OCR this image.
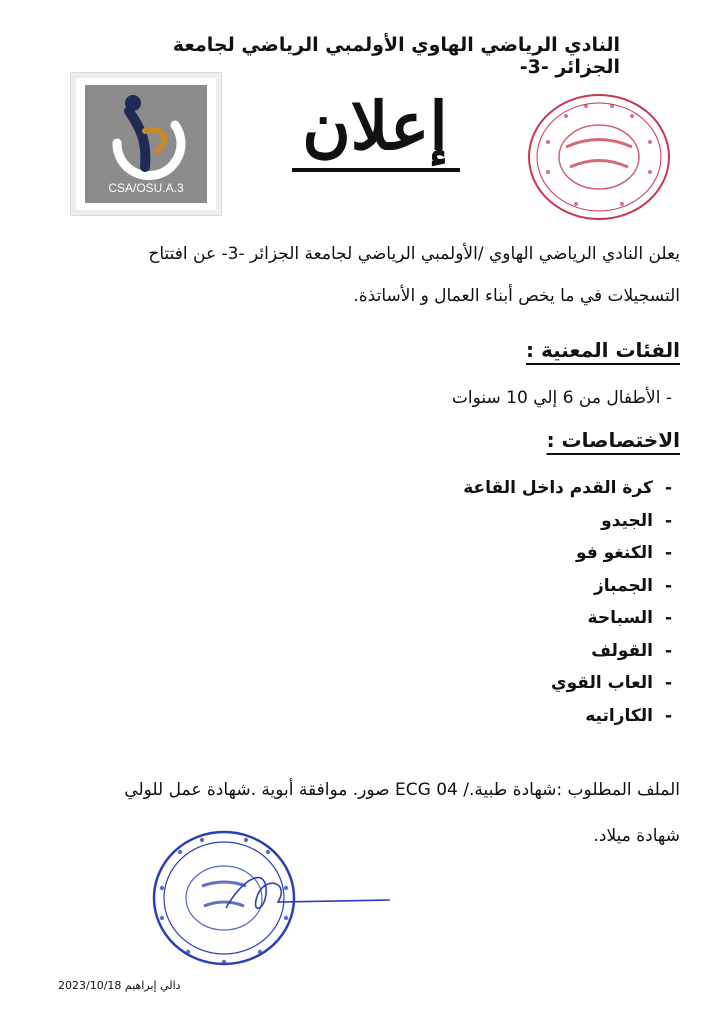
النادي الرياضي الهاوي الأولمبي الرياضي لجامعة الجزائر -3-
CSA/OSU.A.3
إعلان
يعلن النادي الرياضي الهاوي /الأولمبي الرياضي لجامعة الجزائر -3- عن افتتاح
التسجيلات في ما يخص أبناء العمال و الأساتذة.
الفئات المعنية :
- الأطفال من 6 إلي 10 سنوات
الاختصاصات :
كرة القدم داخل القاعة -
الجيدو -
الكنغو فو -
الجمباز -
السباحة -
القولف -
العاب القوي -
الكاراتيه -
الملف المطلوب :شهادة طبية./ ECG 04 صور. موافقة أبوية .شهادة عمل للولي
شهادة ميلاد.
دالي إبراهيم 2023/10/18
